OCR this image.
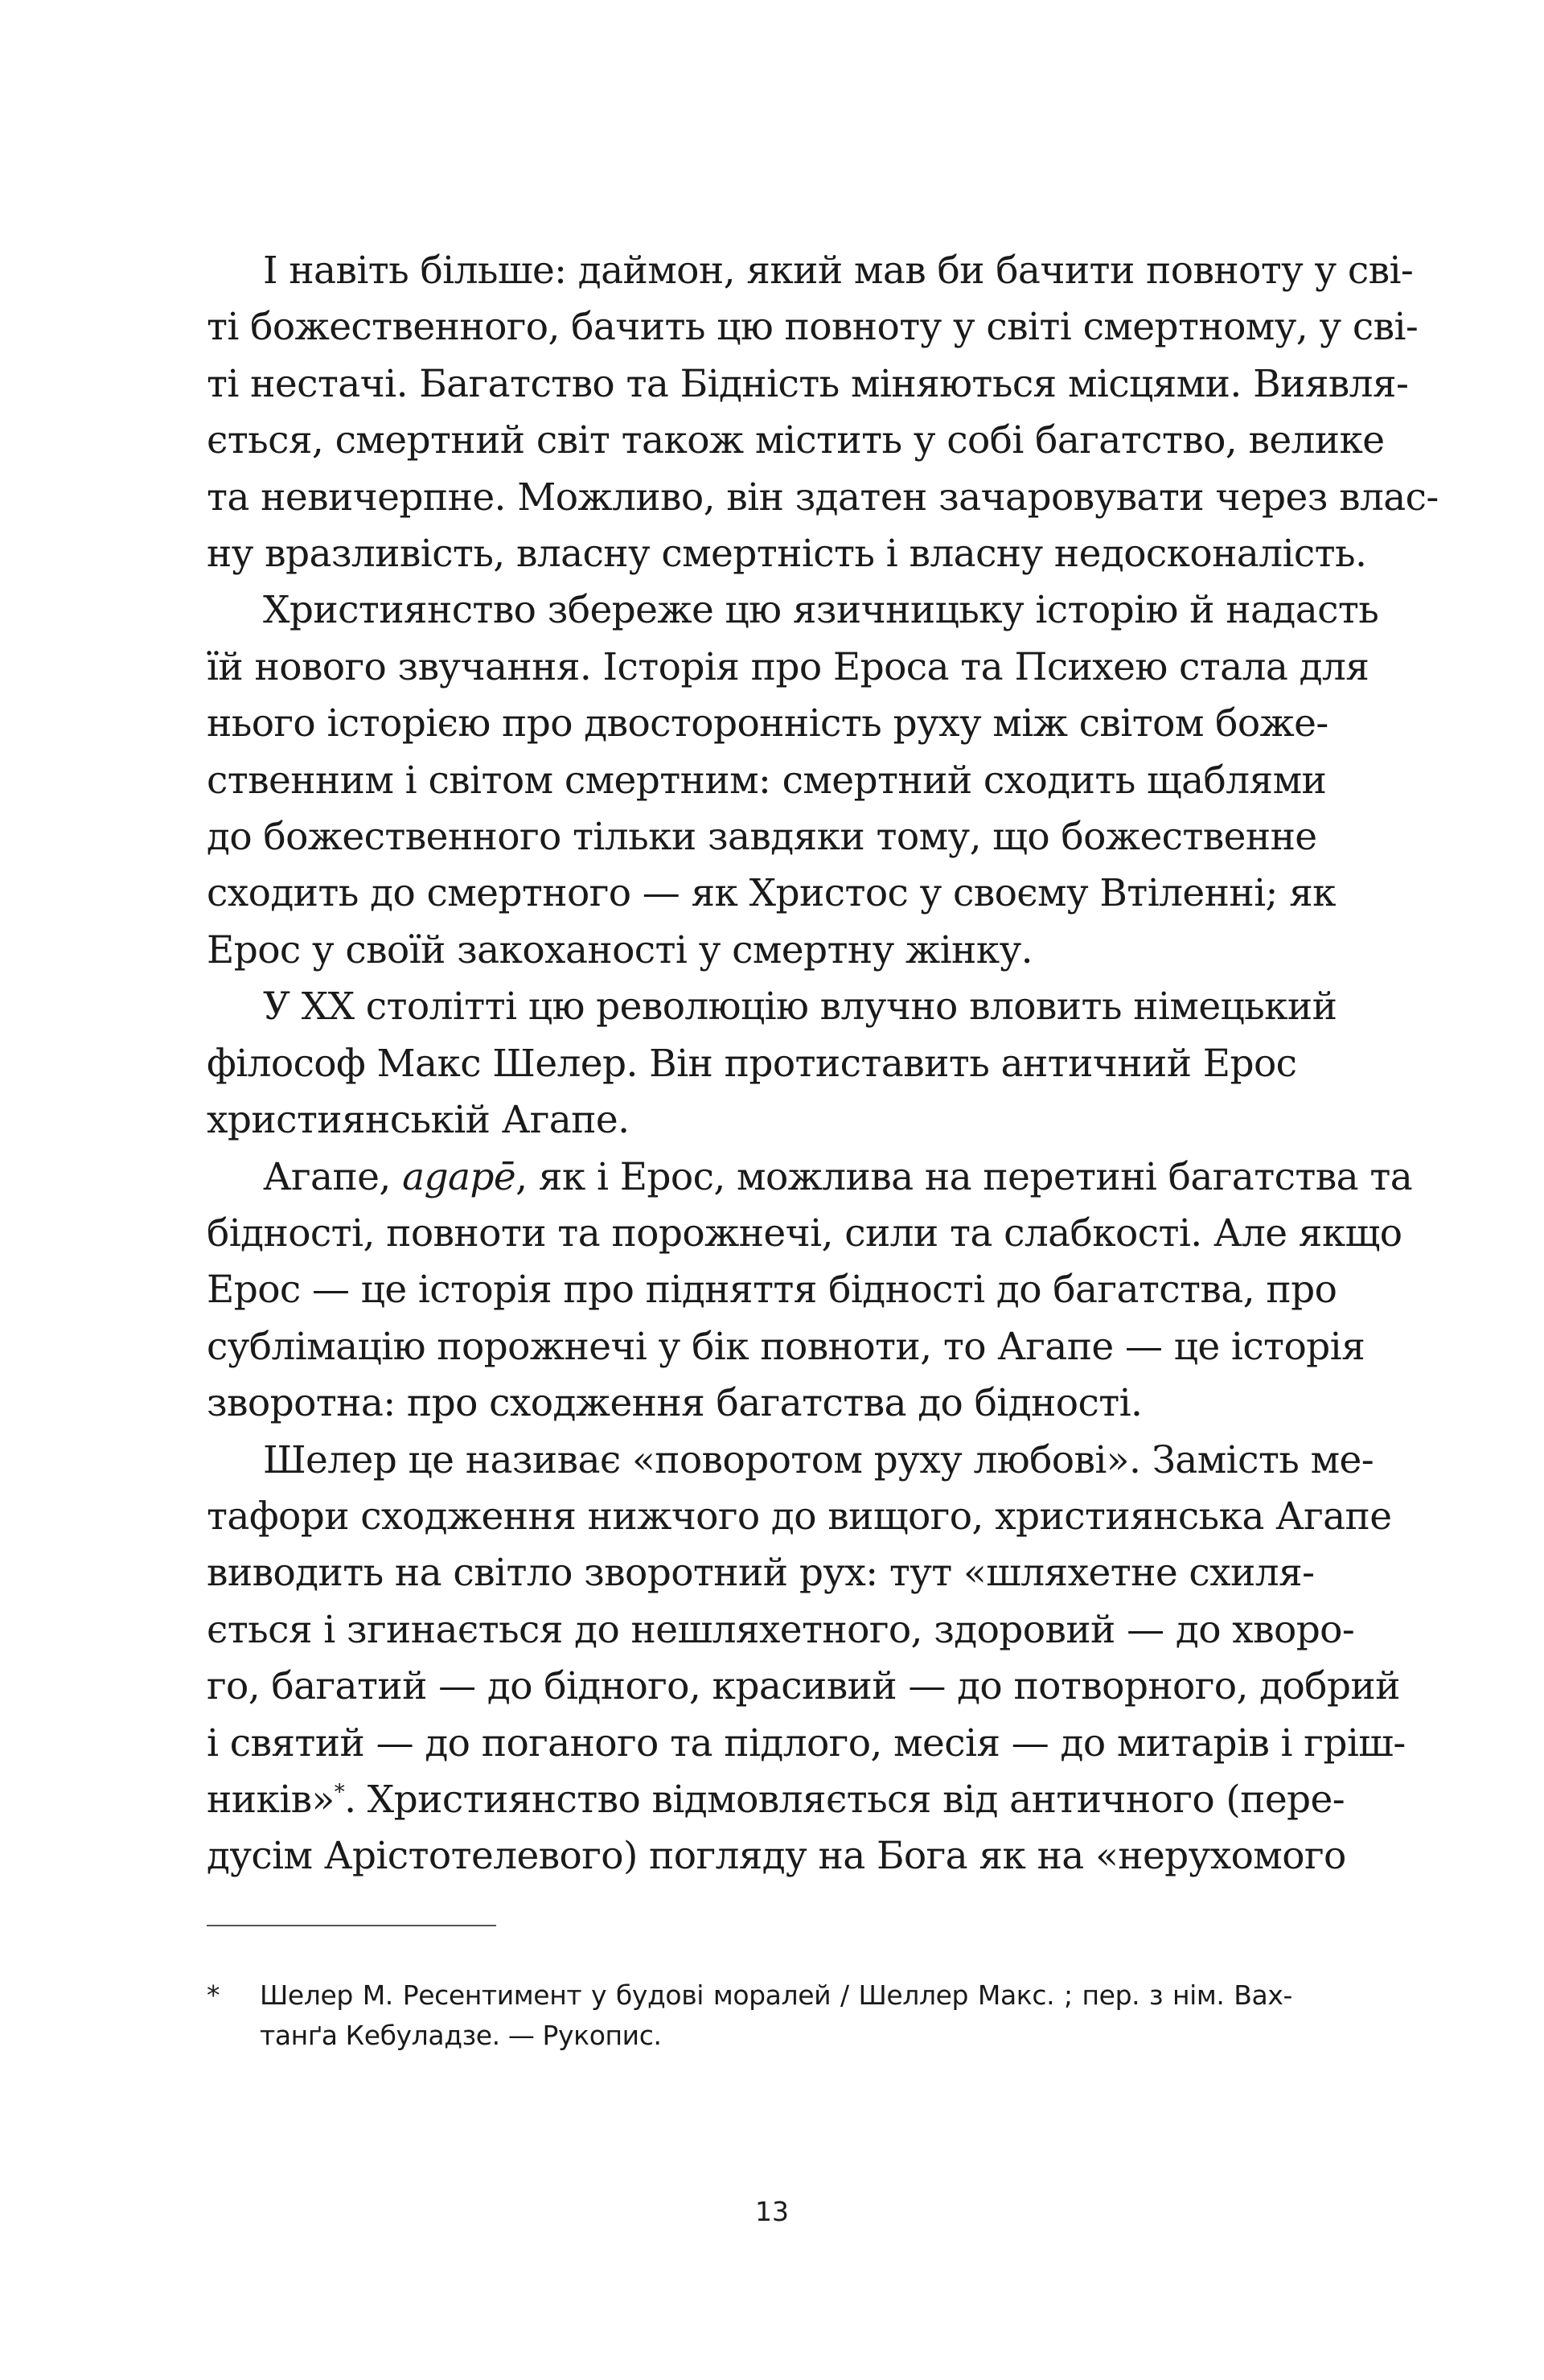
І навіть більше: даймон, який мав би бачити повноту у сві-
ті божественного, бачить цю повноту у світі смертному, у сві-
ті нестачі. Багатство та Бідність міняються місцями. Виявля-
ється, смертний світ також містить у собі багатство, велике
та невичерпне. Можливо, він здатен зачаровувати через влас-
ну вразливість, власну смертність і власну недосконалість.
Християнство збереже цю язичницьку історію й надасть
їй нового звучання. Історія про Ероса та Психею стала для
нього історією про двосторонність руху між світом боже-
ственним і світом смертним: смертний сходить щаблями
до божественного тільки завдяки тому, що божественне
сходить до смертного — як Христос у своєму Втіленні; як
Ерос у своїй закоханості у смертну жінку.
У XX столітті цю революцію влучно вловить німецький
філософ Макс Шелер. Він протиставить античний Ерос
християнській Агапе.
Агапе, agapē, як і Ерос, можлива на перетині багатства та
бідності, повноти та порожнечі, сили та слабкості. Але якщо
Ерос — це історія про підняття бідності до багатства, про
сублімацію порожнечі у бік повноти, то Агапе — це історія
зворотна: про сходження багатства до бідності.
Шелер це називає «поворотом руху любові». Замість ме-
тафори сходження нижчого до вищого, християнська Агапе
виводить на світло зворотний рух: тут «шляхетне схиля-
ється і згинається до нешляхетного, здоровий — до хворо-
го, багатий — до бідного, красивий — до потворного, добрий
і святий — до поганого та підлого, месія — до митарів і гріш-
ників»*. Християнство відмовляється від античного (пере-
дусім Арістотелевого) погляду на Бога як на «нерухомого
* Шелер М. Ресентимент у будові моралей / Шеллер Макс. ; пер. з нім. Вах-
танґа Кебуладзе. — Рукопис.
13
